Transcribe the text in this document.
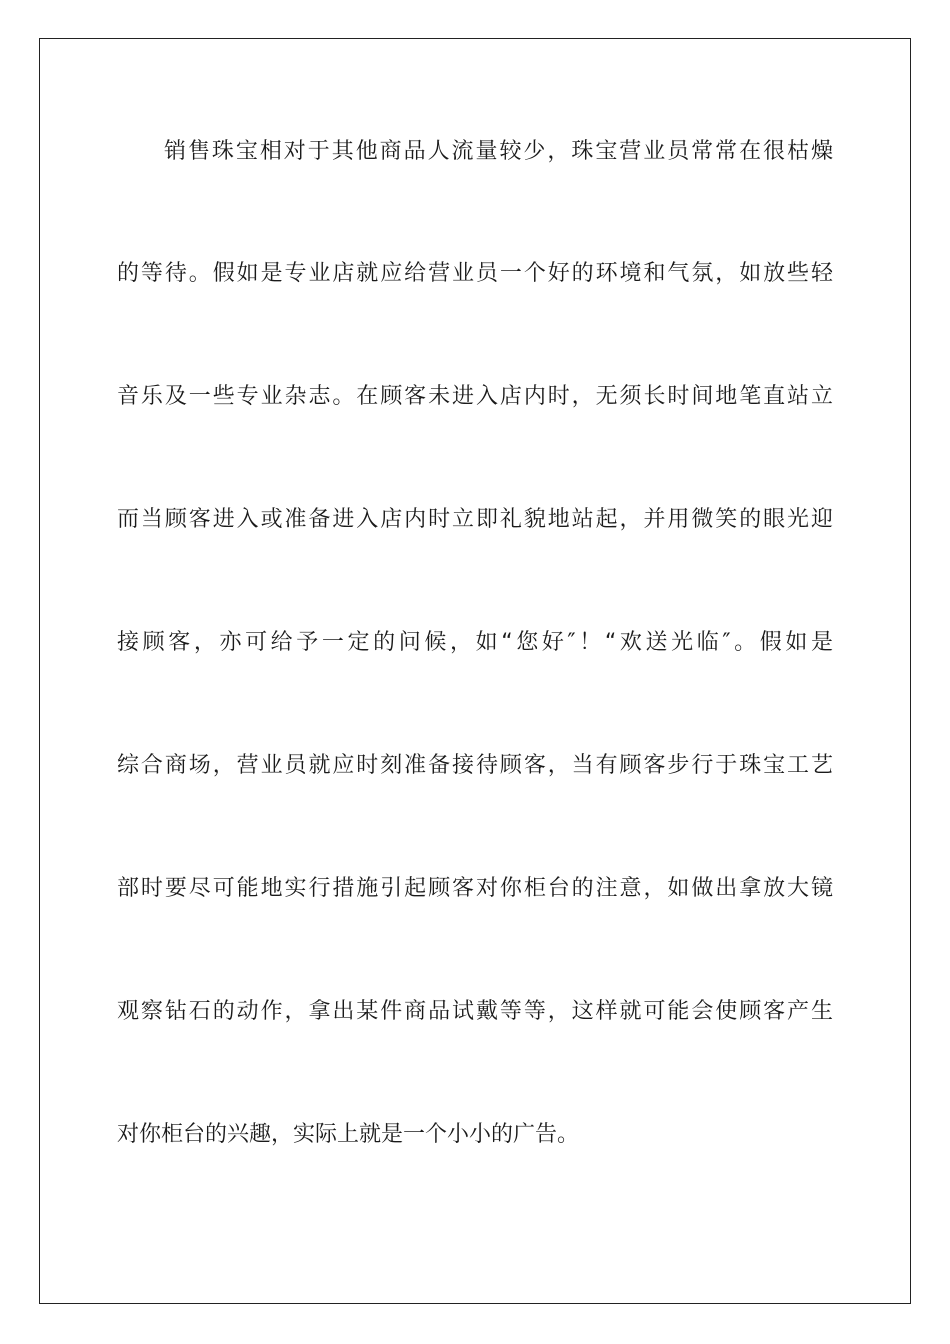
销售珠宝相对于其他商品人流量较少，珠宝营业员常常在很枯燥
的等待。假如是专业店就应给营业员一个好的环境和气氛，如放些轻
音乐及一些专业杂志。在顾客未进入店内时，无须长时间地笔直站立
而当顾客进入或准备进入店内时立即礼貌地站起，并用微笑的眼光迎
接顾客，亦可给予一定的问候，如“您好″！“欢送光临″。假如是
综合商场，营业员就应时刻准备接待顾客，当有顾客步行于珠宝工艺
部时要尽可能地实行措施引起顾客对你柜台的注意，如做出拿放大镜
观察钻石的动作，拿出某件商品试戴等等，这样就可能会使顾客产生
对你柜台的兴趣，实际上就是一个小小的广告。
